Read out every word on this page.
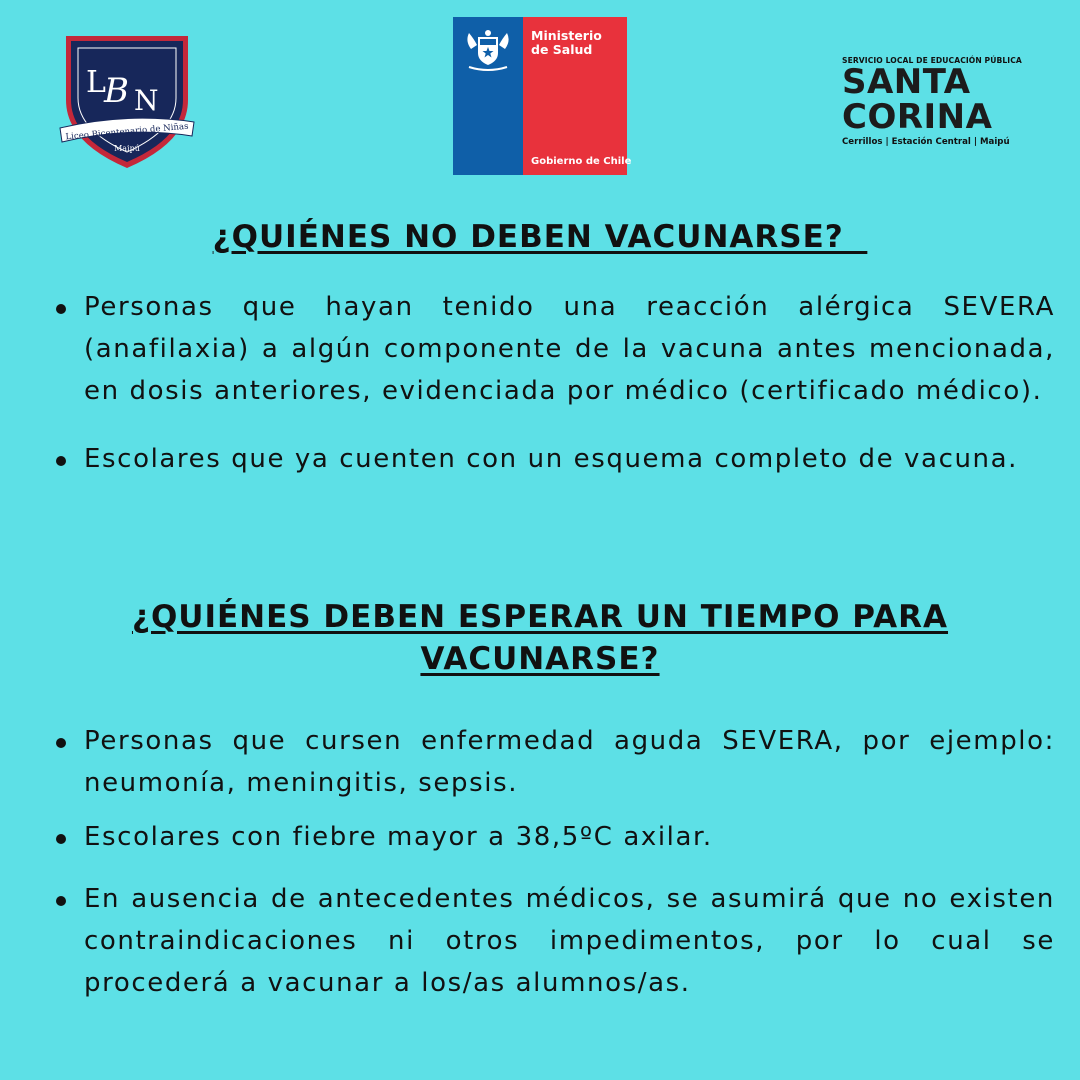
L
B N
Liceo Bicentenario de Niñas
Maipú
Ministerio de Salud
Gobierno de Chile
SERVICIO LOCAL DE EDUCACIÓN PÚBLICA
SANTA
CORINA
Cerrillos | Estación Central | Maipú
¿QUIÉNES NO DEBEN VACUNARSE?
Personas que hayan tenido una reacción alérgica SEVERA (anafilaxia) a algún componente de la vacuna antes mencionada, en dosis anteriores, evidenciada por médico (certificado médico).
Escolares que ya cuenten con un esquema completo de vacuna.
¿QUIÉNES DEBEN ESPERAR UN TIEMPO PARA
VACUNARSE?
Personas que cursen enfermedad aguda SEVERA, por ejemplo: neumonía, meningitis, sepsis.
Escolares con fiebre mayor a 38,5ºC axilar.
En ausencia de antecedentes médicos, se asumirá que no existen contraindicaciones ni otros impedimentos, por lo cual se procederá a vacunar a los/as alumnos/as.
